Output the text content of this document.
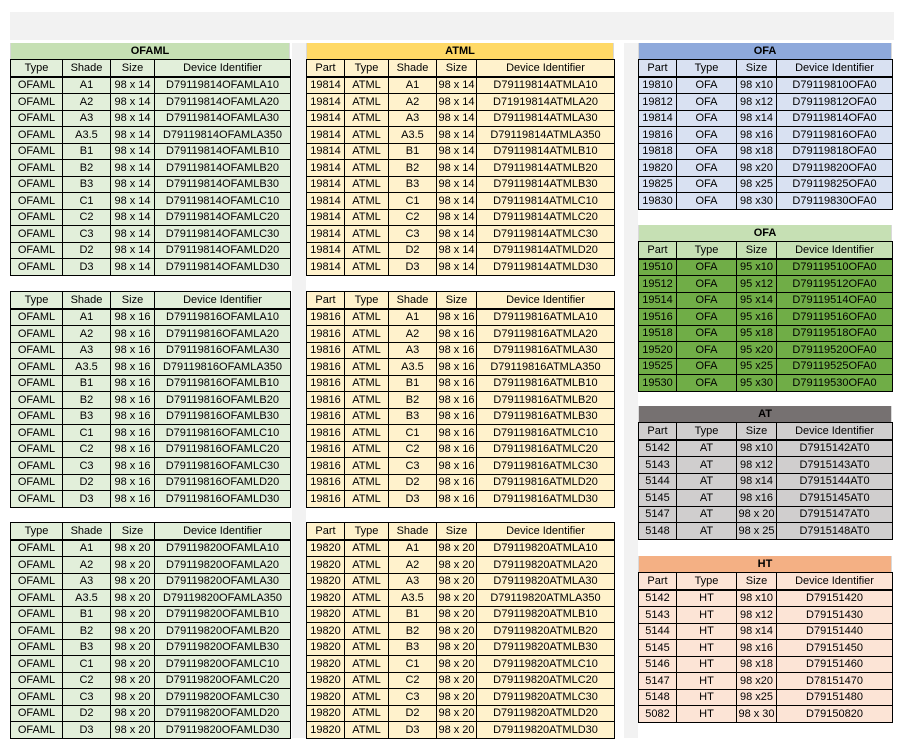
OFAML
Type	Shade	Size	Device Identifier
OFAML	A1	98 x 14	D79119814OFAMLA10
OFAML	A2	98 x 14	D79119814OFAMLA20
OFAML	A3	98 x 14	D79119814OFAMLA30
OFAML	A3.5	98 x 14	D79119814OFAMLA350
OFAML	B1	98 x 14	D79119814OFAMLB10
OFAML	B2	98 x 14	D79119814OFAMLB20
OFAML	B3	98 x 14	D79119814OFAMLB30
OFAML	C1	98 x 14	D79119814OFAMLC10
OFAML	C2	98 x 14	D79119814OFAMLC20
OFAML	C3	98 x 14	D79119814OFAMLC30
OFAML	D2	98 x 14	D79119814OFAMLD20
OFAML	D3	98 x 14	D79119814OFAMLD30
Type	Shade	Size	Device Identifier
OFAML	A1	98 x 16	D79119816OFAMLA10
OFAML	A2	98 x 16	D79119816OFAMLA20
OFAML	A3	98 x 16	D79119816OFAMLA30
OFAML	A3.5	98 x 16	D79119816OFAMLA350
OFAML	B1	98 x 16	D79119816OFAMLB10
OFAML	B2	98 x 16	D79119816OFAMLB20
OFAML	B3	98 x 16	D79119816OFAMLB30
OFAML	C1	98 x 16	D79119816OFAMLC10
OFAML	C2	98 x 16	D79119816OFAMLC20
OFAML	C3	98 x 16	D79119816OFAMLC30
OFAML	D2	98 x 16	D79119816OFAMLD20
OFAML	D3	98 x 16	D79119816OFAMLD30
Type	Shade	Size	Device Identifier
OFAML	A1	98 x 20	D79119820OFAMLA10
OFAML	A2	98 x 20	D79119820OFAMLA20
OFAML	A3	98 x 20	D79119820OFAMLA30
OFAML	A3.5	98 x 20	D79119820OFAMLA350
OFAML	B1	98 x 20	D79119820OFAMLB10
OFAML	B2	98 x 20	D79119820OFAMLB20
OFAML	B3	98 x 20	D79119820OFAMLB30
OFAML	C1	98 x 20	D79119820OFAMLC10
OFAML	C2	98 x 20	D79119820OFAMLC20
OFAML	C3	98 x 20	D79119820OFAMLC30
OFAML	D2	98 x 20	D79119820OFAMLD20
OFAML	D3	98 x 20	D79119820OFAMLD30
ATML
Part	Type	Shade	Size	Device Identifier
19814	ATML	A1	98 x 14	D79119814ATMLA10
19814	ATML	A2	98 x 14	D71919814ATMLA20
19814	ATML	A3	98 x 14	D79119814ATMLA30
19814	ATML	A3.5	98 x 14	D79119814ATMLA350
19814	ATML	B1	98 x 14	D79119814ATMLB10
19814	ATML	B2	98 x 14	D79119814ATMLB20
19814	ATML	B3	98 x 14	D79119814ATMLB30
19814	ATML	C1	98 x 14	D79119814ATMLC10
19814	ATML	C2	98 x 14	D79119814ATMLC20
19814	ATML	C3	98 x 14	D79119814ATMLC30
19814	ATML	D2	98 x 14	D79119814ATMLD20
19814	ATML	D3	98 x 14	D79119814ATMLD30
Part	Type	Shade	Size	Device Identifier
19816	ATML	A1	98 x 16	D79119816ATMLA10
19816	ATML	A2	98 x 16	D79119816ATMLA20
19816	ATML	A3	98 x 16	D79119816ATMLA30
19816	ATML	A3.5	98 x 16	D79119816ATMLA350
19816	ATML	B1	98 x 16	D79119816ATMLB10
19816	ATML	B2	98 x 16	D79119816ATMLB20
19816	ATML	B3	98 x 16	D79119816ATMLB30
19816	ATML	C1	98 x 16	D79119816ATMLC10
19816	ATML	C2	98 x 16	D79119816ATMLC20
19816	ATML	C3	98 x 16	D79119816ATMLC30
19816	ATML	D2	98 x 16	D79119816ATMLD20
19816	ATML	D3	98 x 16	D79119816ATMLD30
Part	Type	Shade	Size	Device Identifier
19820	ATML	A1	98 x 20	D79119820ATMLA10
19820	ATML	A2	98 x 20	D79119820ATMLA20
19820	ATML	A3	98 x 20	D79119820ATMLA30
19820	ATML	A3.5	98 x 20	D79119820ATMLA350
19820	ATML	B1	98 x 20	D79119820ATMLB10
19820	ATML	B2	98 x 20	D79119820ATMLB20
19820	ATML	B3	98 x 20	D79119820ATMLB30
19820	ATML	C1	98 x 20	D79119820ATMLC10
19820	ATML	C2	98 x 20	D79119820ATMLC20
19820	ATML	C3	98 x 20	D79119820ATMLC30
19820	ATML	D2	98 x 20	D79119820ATMLD20
19820	ATML	D3	98 x 20	D79119820ATMLD30
OFA
Part	Type	Size	Device Identifier
19810	OFA	98 x10	D79119810OFA0
19812	OFA	98 x12	D79119812OFA0
19814	OFA	98 x14	D79119814OFA0
19816	OFA	98 x16	D79119816OFA0
19818	OFA	98 x18	D79119818OFA0
19820	OFA	98 x20	D79119820OFA0
19825	OFA	98 x25	D79119825OFA0
19830	OFA	98 x30	D79119830OFA0
OFA
Part	Type	Size	Device Identifier
19510	OFA	95 x10	D79119510OFA0
19512	OFA	95 x12	D79119512OFA0
19514	OFA	95 x14	D79119514OFA0
19516	OFA	95 x16	D79119516OFA0
19518	OFA	95 x18	D79119518OFA0
19520	OFA	95 x20	D79119520OFA0
19525	OFA	95 x25	D79119525OFA0
19530	OFA	95 x30	D79119530OFA0
AT
Part	Type	Size	Device Identifier
5142	AT	98 x10	D7915142AT0
5143	AT	98 x12	D7915143AT0
5144	AT	98 x14	D7915144AT0
5145	AT	98 x16	D7915145AT0
5147	AT	98 x 20	D7915147AT0
5148	AT	98 x 25	D7915148AT0
HT
Part	Type	Size	Device Identifier
5142	HT	98 x10	D79151420
5143	HT	98 x12	D79151430
5144	HT	98 x14	D79151440
5145	HT	98 x16	D79151450
5146	HT	98 x18	D79151460
5147	HT	98 x20	D78151470
5148	HT	98 x25	D79151480
5082	HT	98 x 30	D79150820
